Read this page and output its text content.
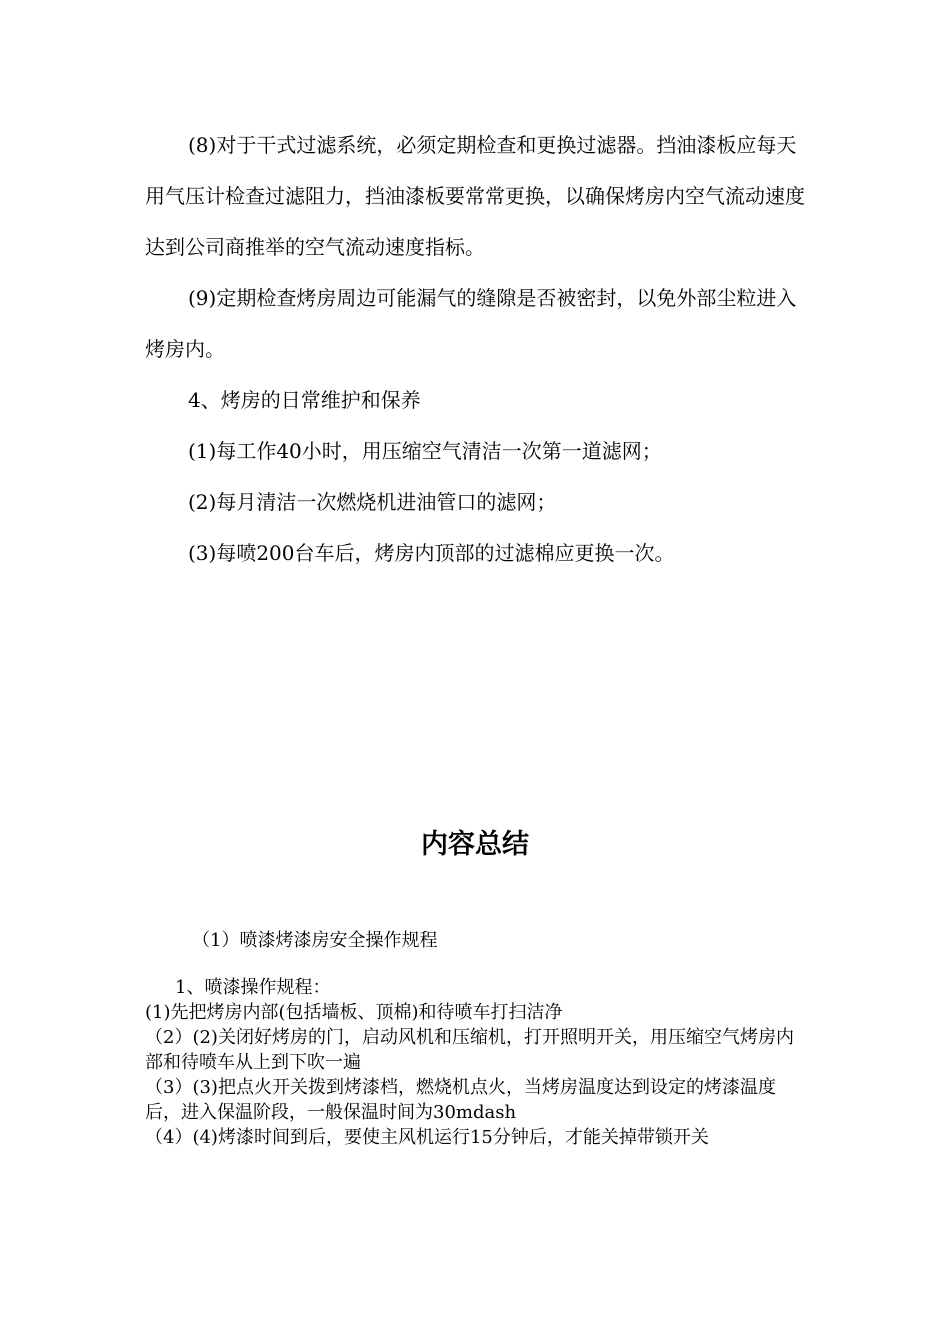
(8)对于干式过滤系统，必须定期检查和更换过滤器。挡油漆板应每天用气压计检查过滤阻力，挡油漆板要常常更换，以确保烤房内空气流动速度达到公司商推举的空气流动速度指标。

(9)定期检查烤房周边可能漏气的缝隙是否被密封，以免外部尘粒进入烤房内。

4、烤房的日常维护和保养

(1)每工作40小时，用压缩空气清洁一次第一道滤网；

(2)每月清洁一次燃烧机进油管口的滤网；

(3)每喷200台车后，烤房内顶部的过滤棉应更换一次。

内容总结

（1）喷漆烤漆房安全操作规程

1、喷漆操作规程：

(1)先把烤房内部(包括墙板、顶棉)和待喷车打扫洁净

（2）(2)关闭好烤房的门，启动风机和压缩机，打开照明开关，用压缩空气烤房内部和待喷车从上到下吹一遍

（3）(3)把点火开关拨到烤漆档，燃烧机点火，当烤房温度达到设定的烤漆温度后，进入保温阶段，一般保温时间为30mdash

（4）(4)烤漆时间到后，要使主风机运行15分钟后，才能关掉带锁开关
